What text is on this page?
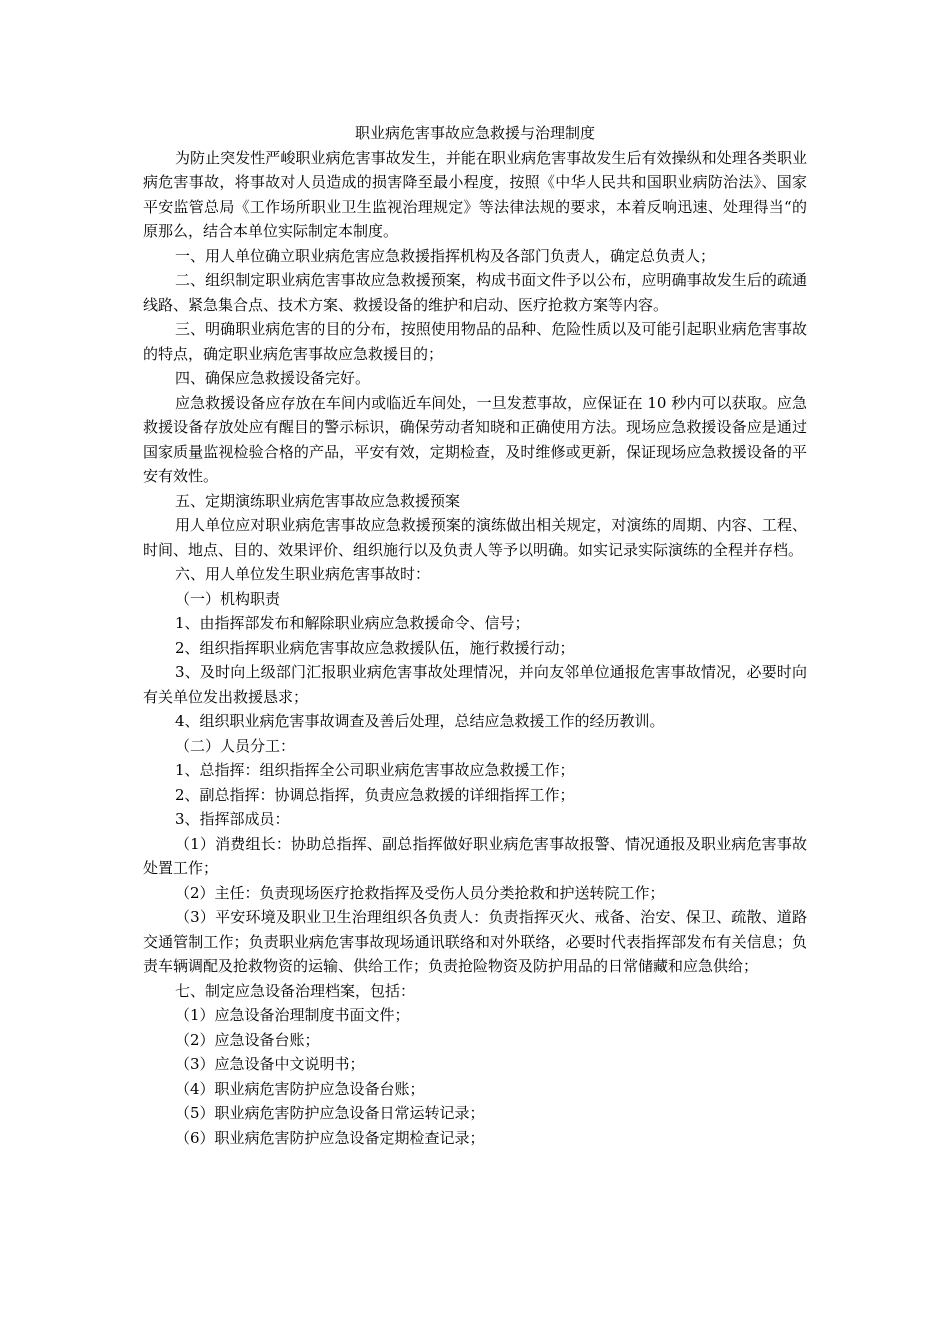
职业病危害事故应急救援与治理制度

为防止突发性严峻职业病危害事故发生，并能在职业病危害事故发生后有效操纵和处理各类职业病危害事故，将事故对人员造成的损害降至最小程度，按照《中华人民共和国职业病防治法》、国家平安监管总局《工作场所职业卫生监视治理规定》等法律法规的要求，本着反响迅速、处理得当“的原那么，结合本单位实际制定本制度。

一、用人单位确立职业病危害应急救援指挥机构及各部门负责人，确定总负责人；

二、组织制定职业病危害事故应急救援预案，构成书面文件予以公布，应明确事故发生后的疏通线路、紧急集合点、技术方案、救援设备的维护和启动、医疗抢救方案等内容。

三、明确职业病危害的目的分布，按照使用物品的品种、危险性质以及可能引起职业病危害事故的特点，确定职业病危害事故应急救援目的；

四、确保应急救援设备完好。

应急救援设备应存放在车间内或临近车间处，一旦发惹事故，应保证在 10 秒内可以获取。应急救援设备存放处应有醒目的警示标识，确保劳动者知晓和正确使用方法。现场应急救援设备应是通过国家质量监视检验合格的产品，平安有效，定期检查，及时维修或更新，保证现场应急救援设备的平安有效性。

五、定期演练职业病危害事故应急救援预案

用人单位应对职业病危害事故应急救援预案的演练做出相关规定，对演练的周期、内容、工程、时间、地点、目的、效果评价、组织施行以及负责人等予以明确。如实记录实际演练的全程并存档。

六、用人单位发生职业病危害事故时：

（一）机构职责

1、由指挥部发布和解除职业病应急救援命令、信号；

2、组织指挥职业病危害事故应急救援队伍，施行救援行动；

3、及时向上级部门汇报职业病危害事故处理情况，并向友邻单位通报危害事故情况，必要时向有关单位发出救援恳求；

4、组织职业病危害事故调查及善后处理，总结应急救援工作的经历教训。

（二）人员分工：

1、总指挥：组织指挥全公司职业病危害事故应急救援工作；

2、副总指挥：协调总指挥，负责应急救援的详细指挥工作；

3、指挥部成员：

（1）消费组长：协助总指挥、副总指挥做好职业病危害事故报警、情况通报及职业病危害事故处置工作；

（2）主任：负责现场医疗抢救指挥及受伤人员分类抢救和护送转院工作；

（3）平安环境及职业卫生治理组织各负责人：负责指挥灭火、戒备、治安、保卫、疏散、道路交通管制工作；负责职业病危害事故现场通讯联络和对外联络，必要时代表指挥部发布有关信息；负责车辆调配及抢救物资的运输、供给工作；负责抢险物资及防护用品的日常储藏和应急供给；

七、制定应急设备治理档案，包括：

（1）应急设备治理制度书面文件；

（2）应急设备台账；

（3）应急设备中文说明书；

（4）职业病危害防护应急设备台账；

（5）职业病危害防护应急设备日常运转记录；

（6）职业病危害防护应急设备定期检查记录；
